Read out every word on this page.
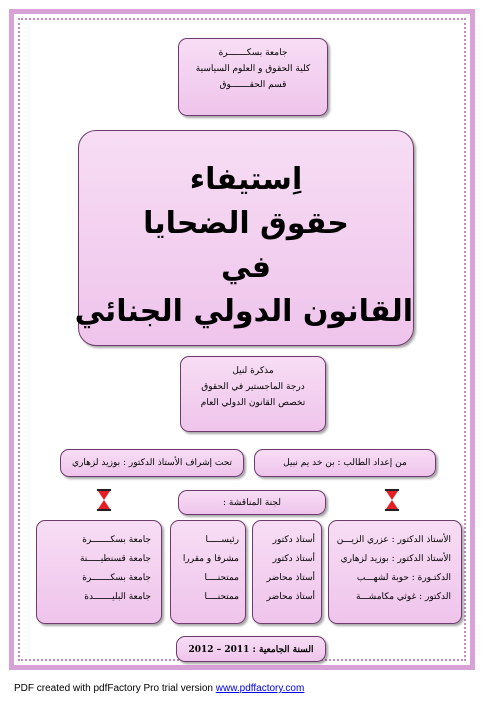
جامعة بسكـــــــرة
كلية الحقوق و العلوم السياسية
قسم الحقـــــــوق
اِستيفاء
حقوق الضحايا
في
القانون الدولي الجنائي
مذكرة لنيل
درجة الماجستير في الحقوق
تخصص القانون الدولي العام
من إعداد الطالب : بن خد يم نبيل
تحت إشراف الأستاذ الدكتور : بوزيد لزهاري
لجنة المناقشة :
الأستاذ الدكتور : عزري الزيـــن
الأستاذ الدكتور : بوزيد لزهاري
الدكتـورة : حوبة لشهـــب
الدكتور : غوثي مكامشـــة
أستاذ دكتور
أستاذ دكتور
أستاذ محاضر
أستاذ محاضر
رئيســـــا
مشرفا و مقررا
ممتحنــــا
ممتحنــــا
جامعة بسكـــــــرة
جامعة قسنطيـــــنة
جامعة بسكـــــــرة
جامعة البليـــــــدة
السنة الجامعية : 2011 – 2012
PDF created with pdfFactory Pro trial version www.pdffactory.com
